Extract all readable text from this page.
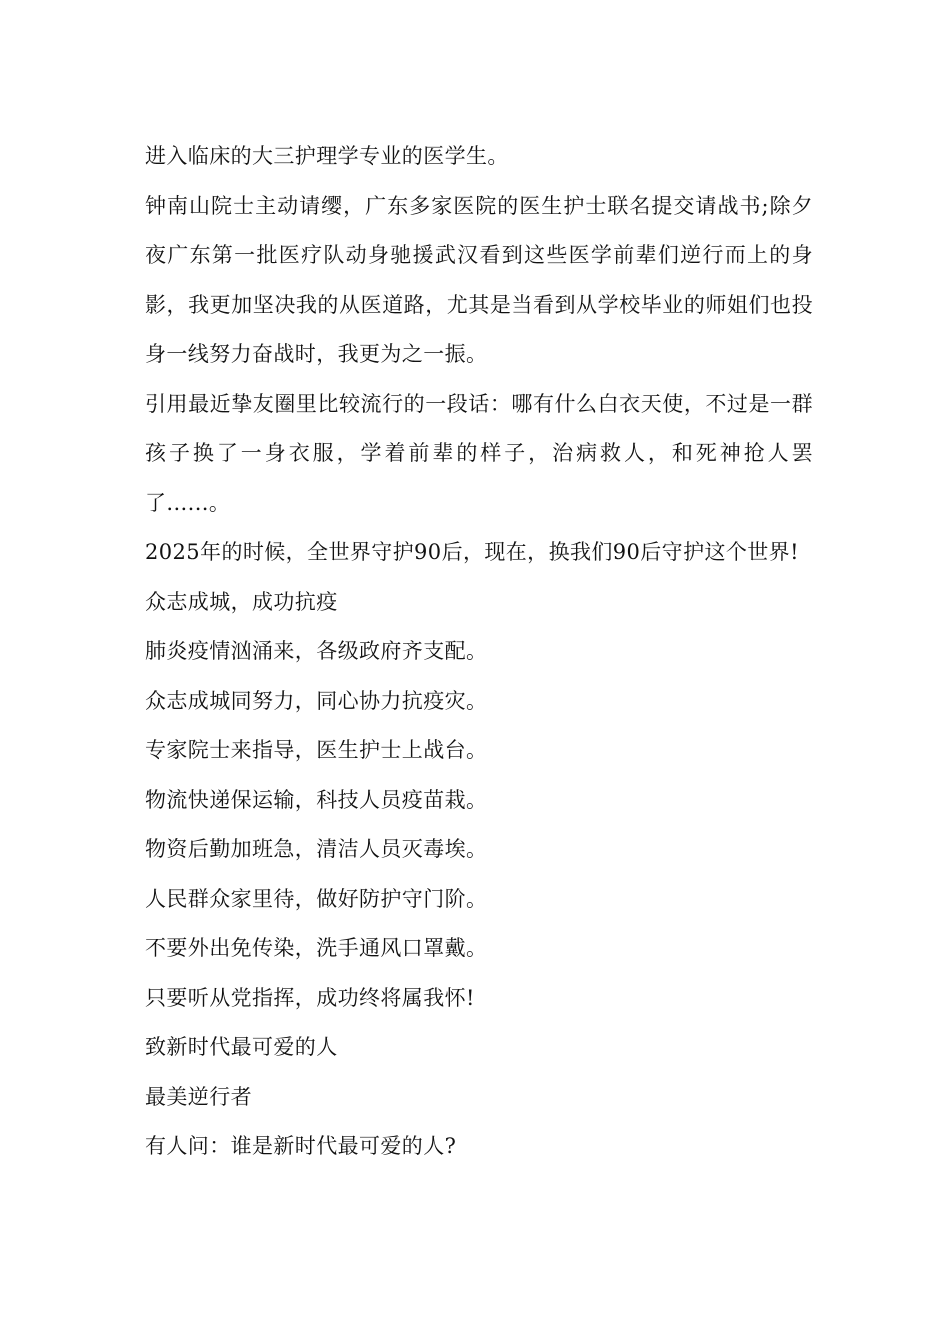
进入临床的大三护理学专业的医学生。

钟南山院士主动请缨，广东多家医院的医生护士联名提交请战书;除夕夜广东第一批医疗队动身驰援武汉看到这些医学前辈们逆行而上的身影，我更加坚决我的从医道路，尤其是当看到从学校毕业的师姐们也投身一线努力奋战时，我更为之一振。

引用最近挚友圈里比较流行的一段话：哪有什么白衣天使，不过是一群孩子换了一身衣服，学着前辈的样子，治病救人，和死神抢人罢了......。

2025年的时候，全世界守护90后，现在，换我们90后守护这个世界!

众志成城，成功抗疫

肺炎疫情汹涌来，各级政府齐支配。

众志成城同努力，同心协力抗疫灾。

专家院士来指导，医生护士上战台。

物流快递保运输，科技人员疫苗栽。

物资后勤加班急，清洁人员灭毒埃。

人民群众家里待，做好防护守门阶。

不要外出免传染，洗手通风口罩戴。

只要听从党指挥，成功终将属我怀!

致新时代最可爱的人

最美逆行者

有人问：谁是新时代最可爱的人?
